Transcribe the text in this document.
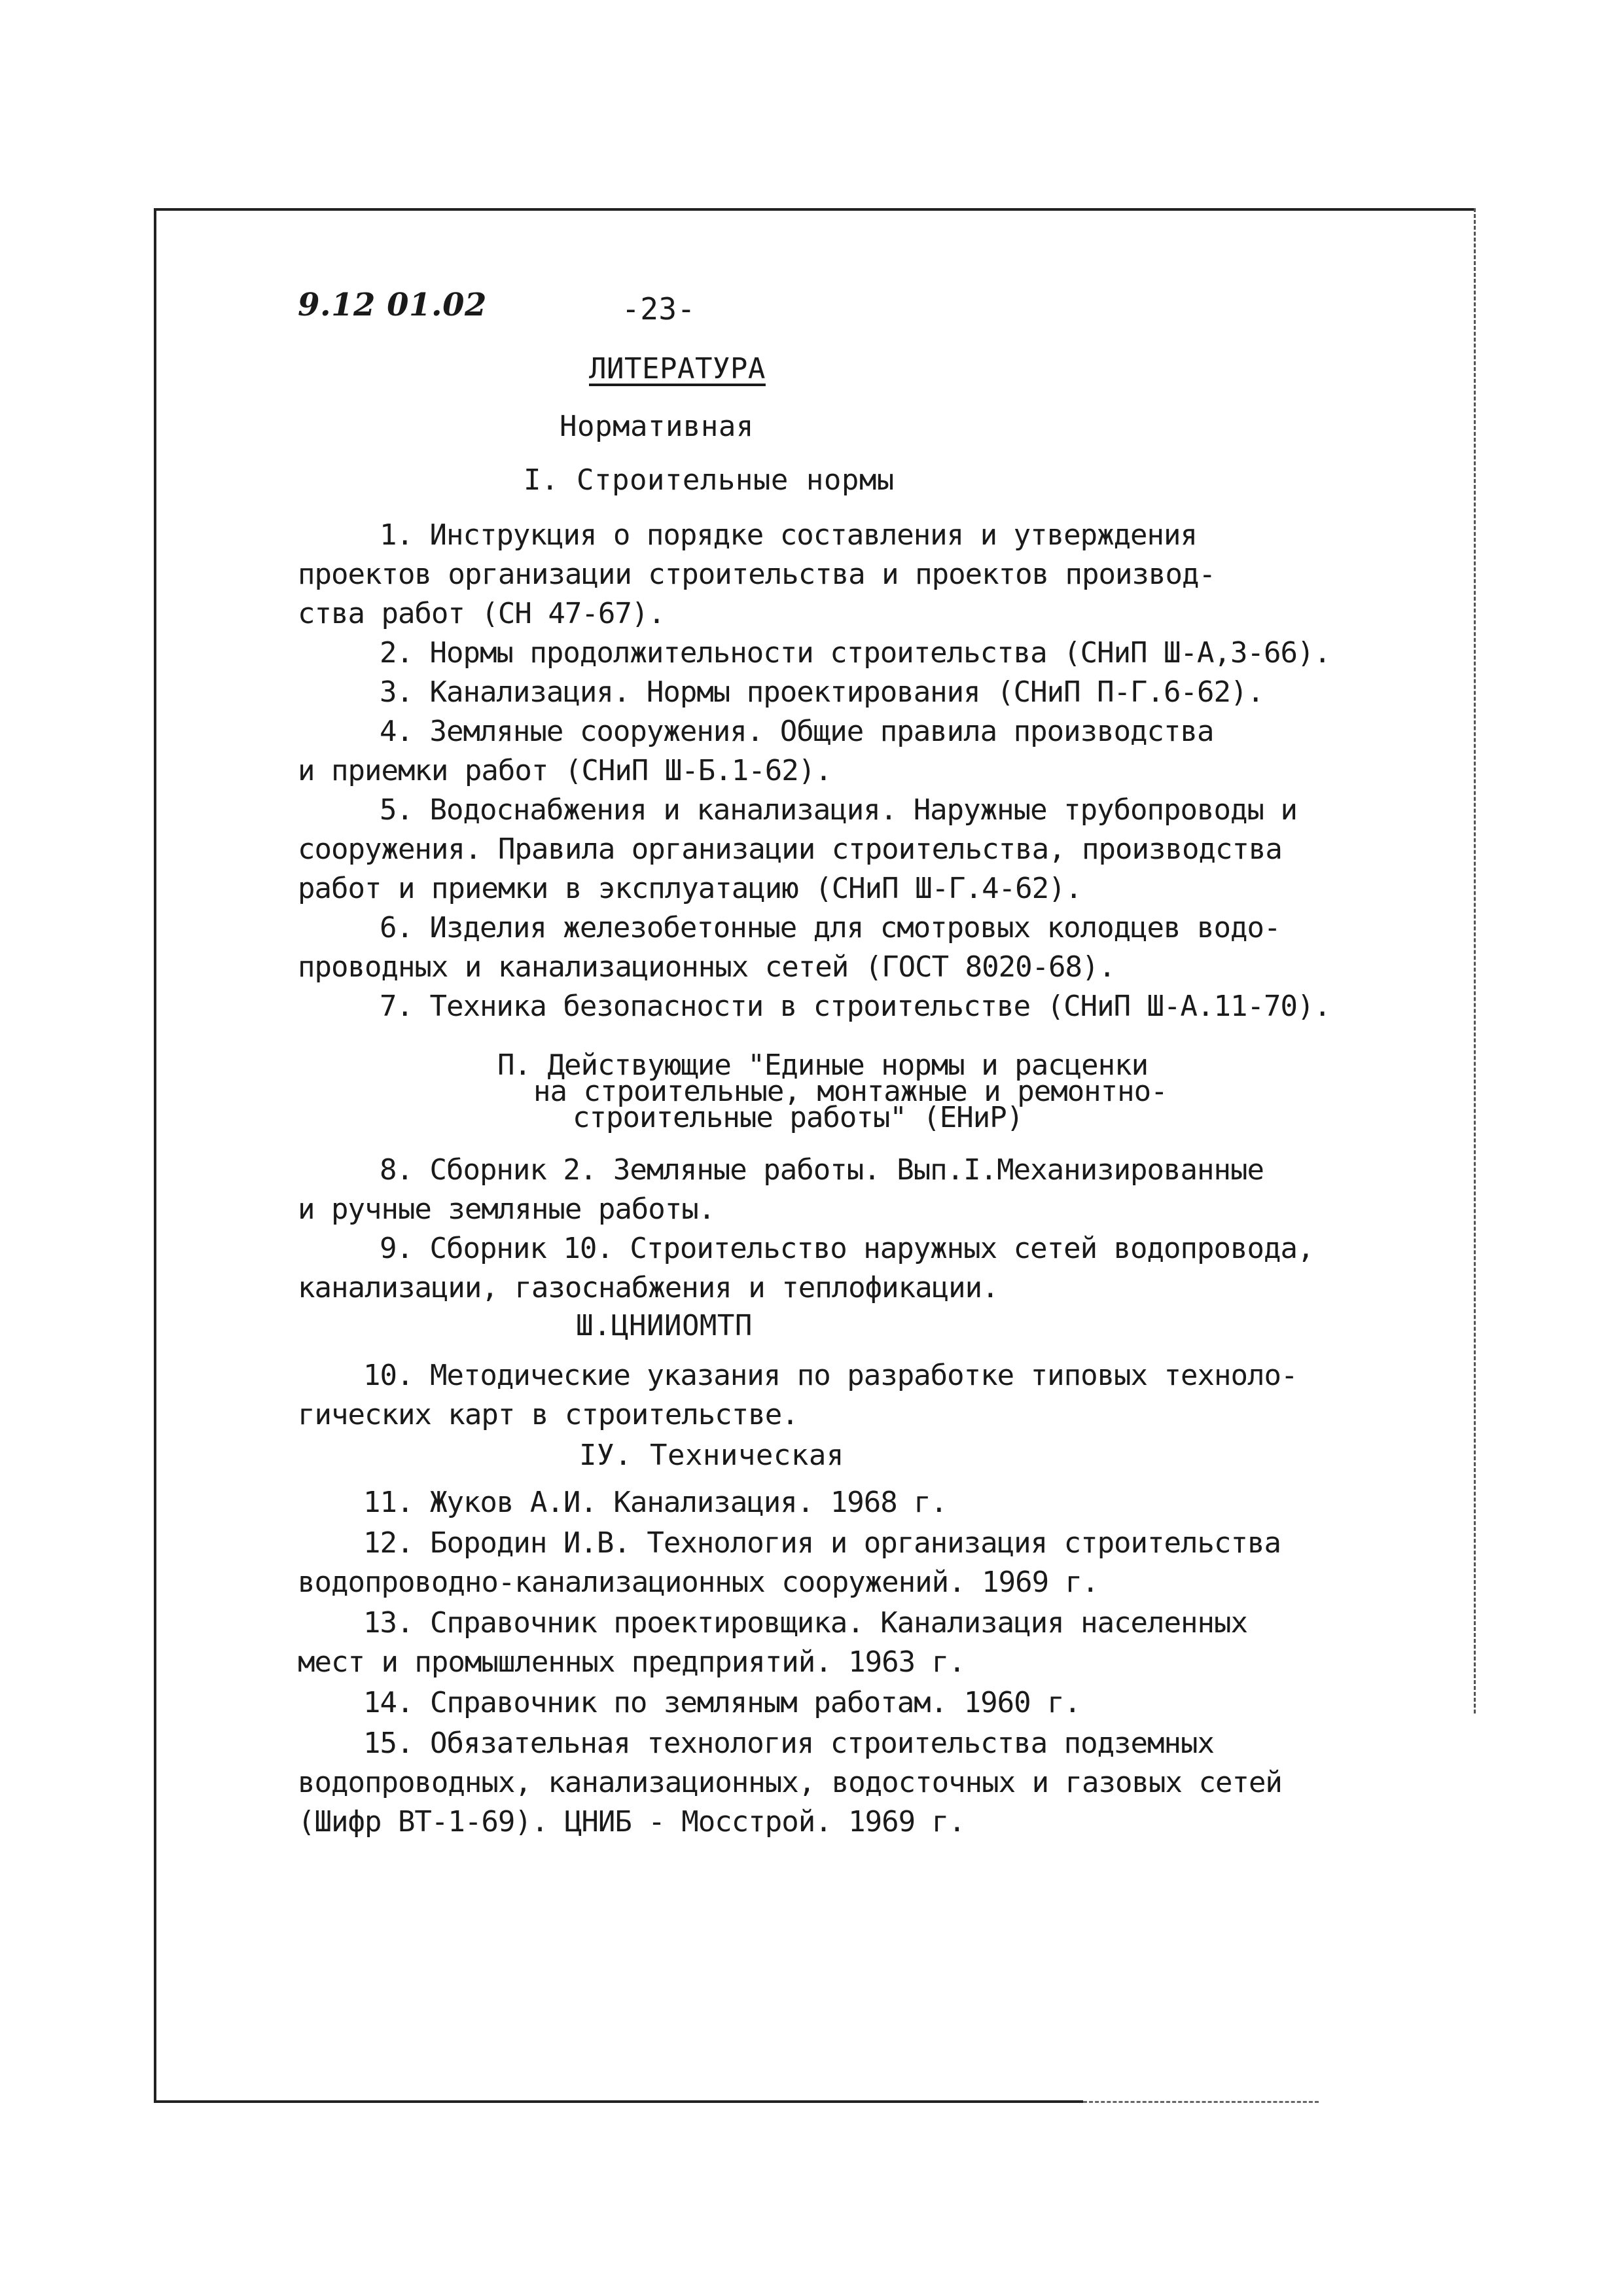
9.12 01.02	-23-
ЛИТЕРАТУРА
Нормативная
I. Строительные нормы
1. Инструкция о порядке составления и утверждения
проектов организации строительства и проектов производ-
ства работ (СН 47-67).
2. Нормы продолжительности строительства (СНиП Ш-А,3-66).
3. Канализация. Нормы проектирования (СНиП П-Г.6-62).
4. Земляные сооружения. Общие правила производства
и приемки работ (СНиП Ш-Б.1-62).
5. Водоснабжения и канализация. Наружные трубопроводы и
сооружения. Правила организации строительства, производства
работ и приемки в эксплуатацию (СНиП Ш-Г.4-62).
6. Изделия железобетонные для смотровых колодцев водо-
проводных и канализационных сетей (ГОСТ 8020-68).
7. Техника безопасности в строительстве (СНиП Ш-А.11-70).
П. Действующие "Единые нормы и расценки
на строительные, монтажные и ремонтно-
строительные работы" (ЕНиР)
8. Сборник 2. Земляные работы. Вып.I.Механизированные
и ручные земляные работы.
9. Сборник 10. Строительство наружных сетей водопровода,
канализации, газоснабжения и теплофикации.
Ш.ЦНИИОМТП
10. Методические указания по разработке типовых техноло-
гических карт в строительстве.
IУ. Техническая
11. Жуков А.И. Канализация. 1968 г.
12. Бородин И.В. Технология и организация строительства
водопроводно-канализационных сооружений. 1969 г.
13. Справочник проектировщика. Канализация населенных
мест и промышленных предприятий. 1963 г.
14. Справочник по земляным работам. 1960 г.
15. Обязательная технология строительства подземных
водопроводных, канализационных, водосточных и газовых сетей
(Шифр ВТ-1-69). ЦНИБ - Мосстрой. 1969 г.
